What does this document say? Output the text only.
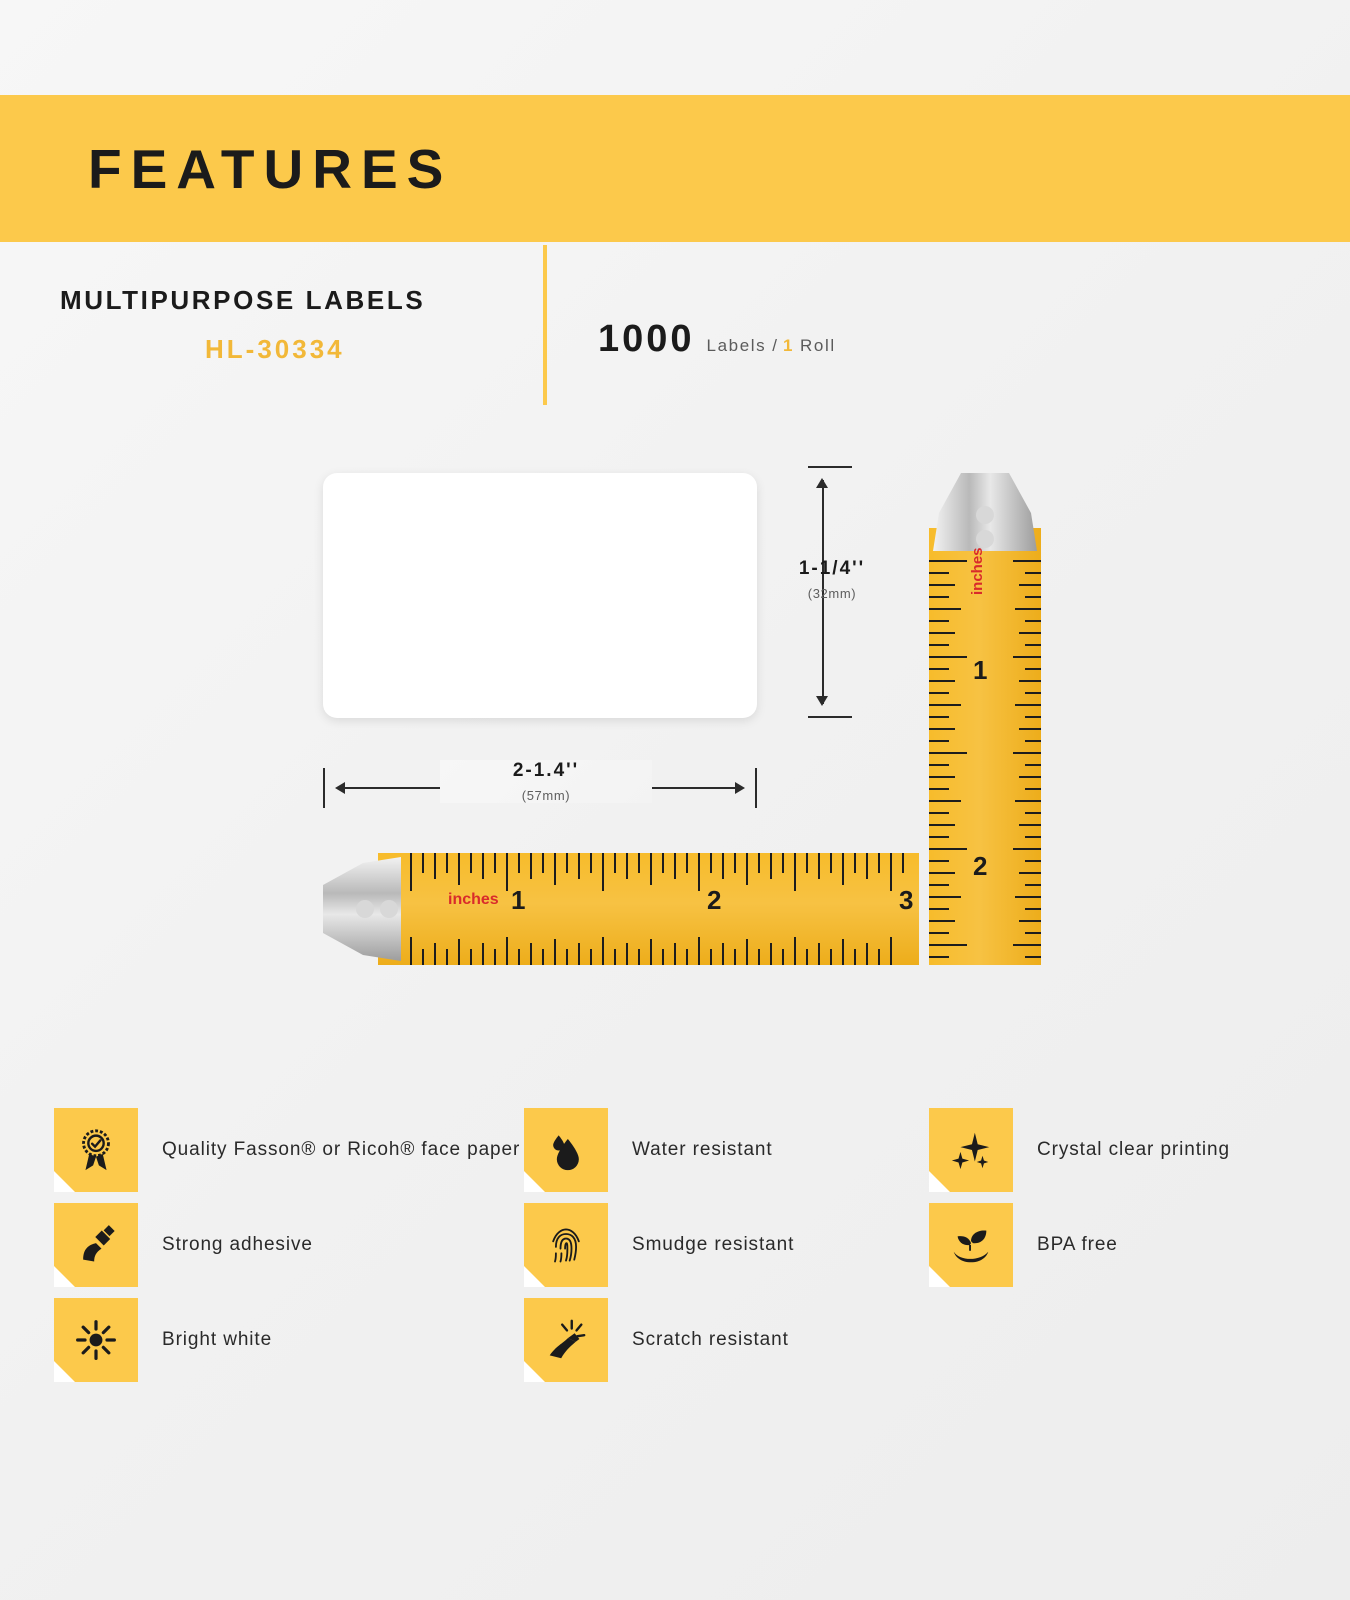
FEATURES
MULTIPURPOSE LABELS
HL-30334	1000 Labels / 1 Roll
1-1/4''
(32mm)
2-1.4''
(57mm)
inches 1	2	3
inches
1
2
Quality Fasson® or Ricoh® face paper	Water resistant	Crystal clear printing
Strong adhesive	Smudge resistant	BPA free
Bright white	Scratch resistant
